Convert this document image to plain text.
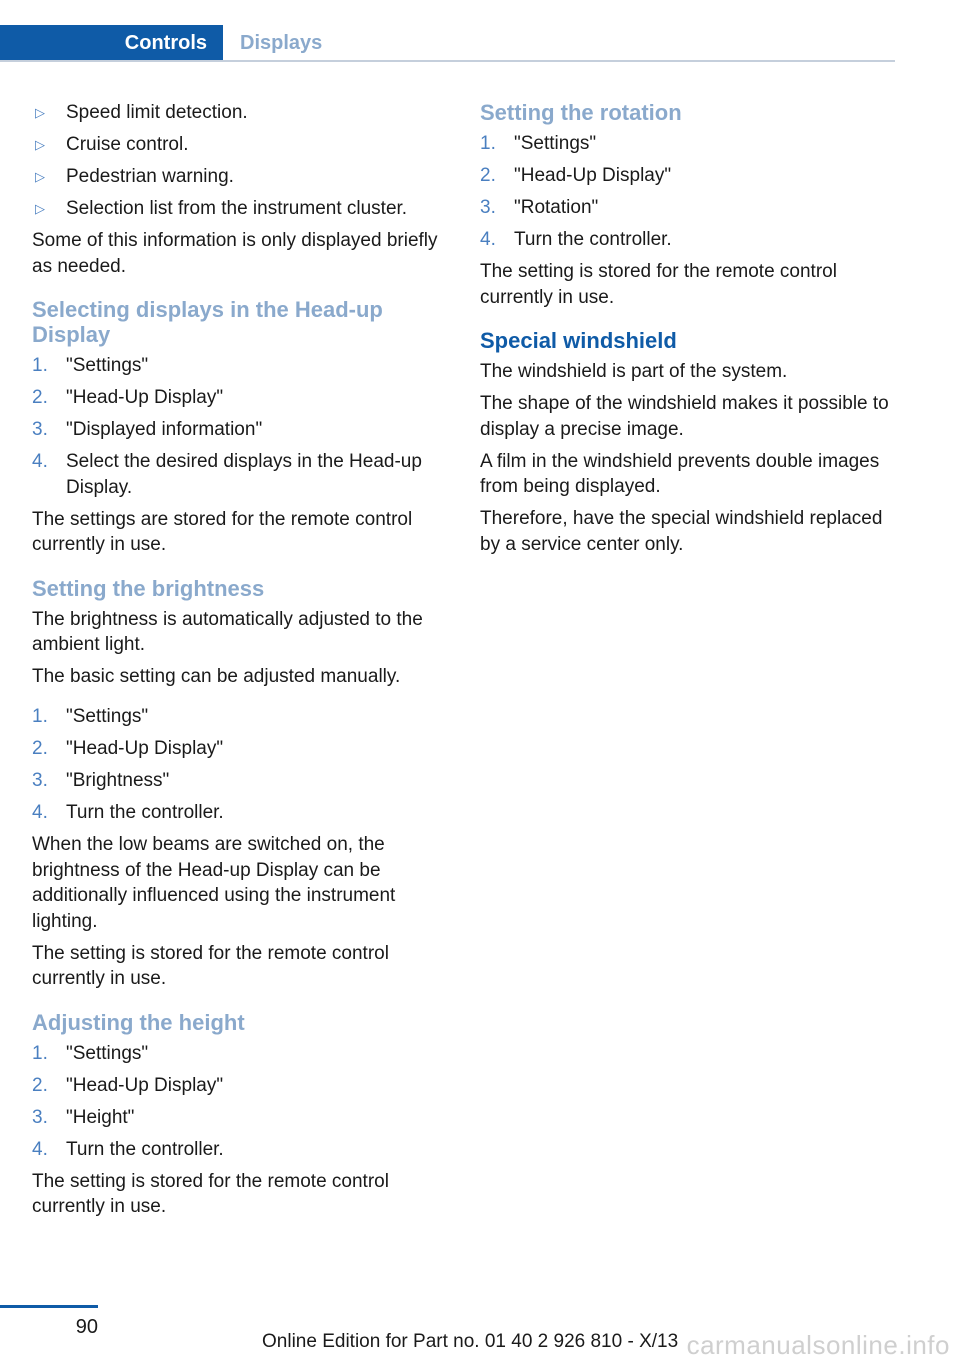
Controls	Displays
▷ Speed limit detection.
▷ Cruise control.
▷ Pedestrian warning.
▷ Selection list from the instrument cluster.

Some of this information is only displayed briefly as needed.

Selecting displays in the Head-up Display
1. "Settings"
2. "Head-Up Display"
3. "Displayed information"
4. Select the desired displays in the Head-up Display.

The settings are stored for the remote control currently in use.

Setting the brightness

The brightness is automatically adjusted to the ambient light.

The basic setting can be adjusted manually.

1. "Settings"
2. "Head-Up Display"
3. "Brightness"
4. Turn the controller.

When the low beams are switched on, the brightness of the Head-up Display can be additionally influenced using the instrument lighting.

The setting is stored for the remote control currently in use.

Adjusting the height
1. "Settings"
2. "Head-Up Display"
3. "Height"
4. Turn the controller.

The setting is stored for the remote control currently in use.

Setting the rotation
1. "Settings"
2. "Head-Up Display"
3. "Rotation"
4. Turn the controller.

The setting is stored for the remote control currently in use.

Special windshield

The windshield is part of the system.

The shape of the windshield makes it possible to display a precise image.

A film in the windshield prevents double images from being displayed.

Therefore, have the special windshield replaced by a service center only.

90
Online Edition for Part no. 01 40 2 926 810 - X/13 carmanualsonline.info
